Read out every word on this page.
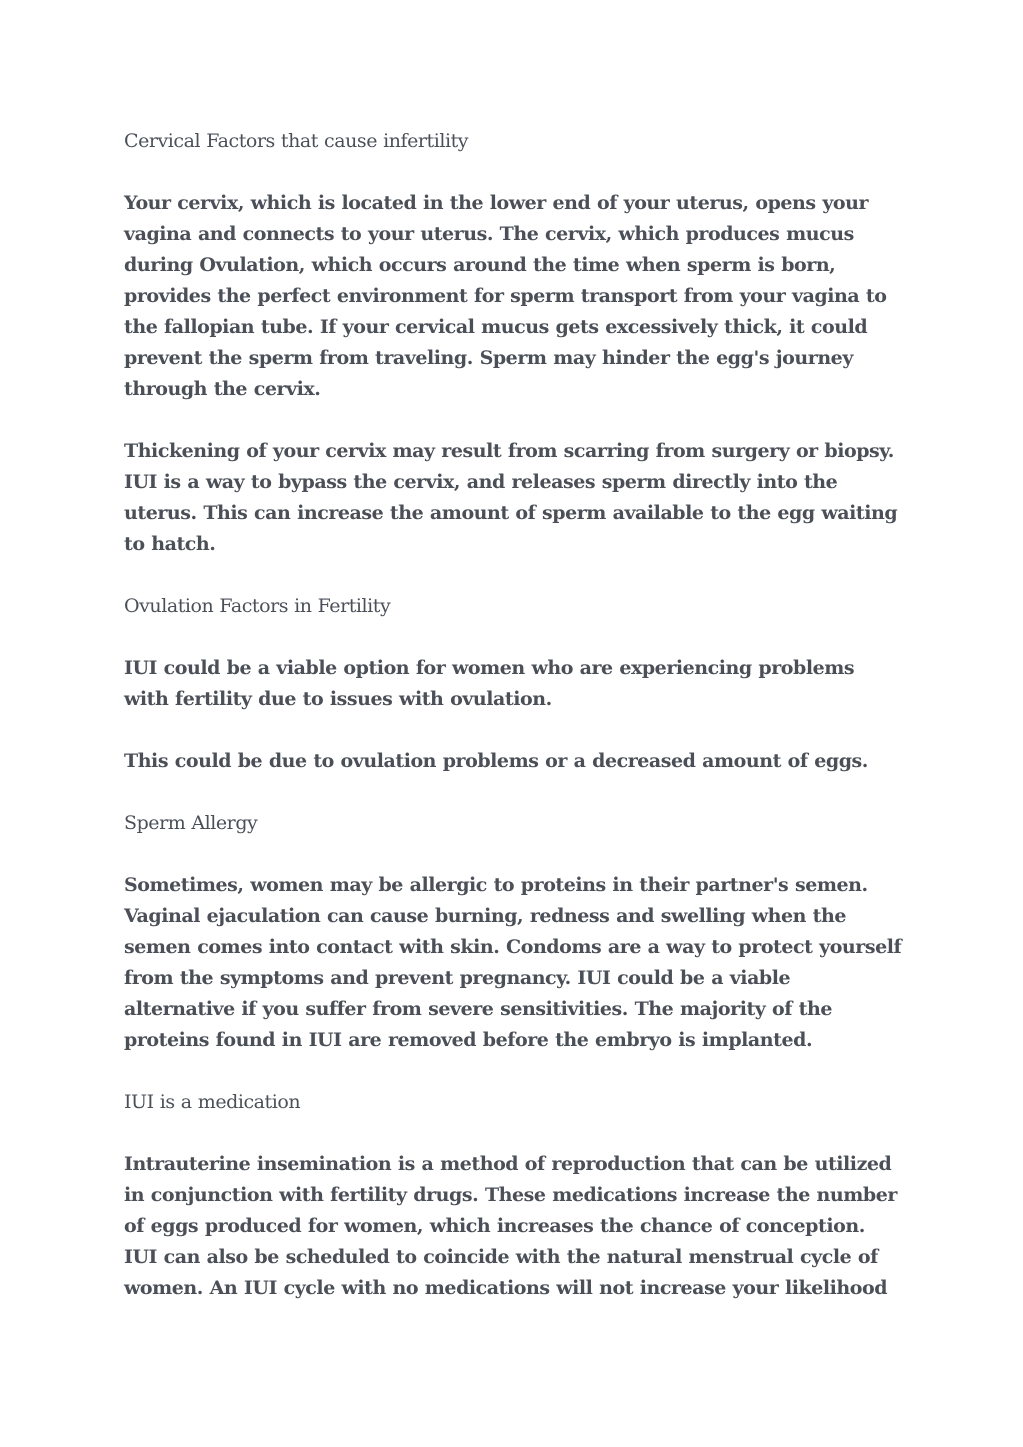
Cervical Factors that cause infertility

Your cervix, which is located in the lower end of your uterus, opens your vagina and connects to your uterus. The cervix, which produces mucus during Ovulation, which occurs around the time when sperm is born, provides the perfect environment for sperm transport from your vagina to the fallopian tube. If your cervical mucus gets excessively thick, it could prevent the sperm from traveling. Sperm may hinder the egg's journey through the cervix.

Thickening of your cervix may result from scarring from surgery or biopsy. IUI is a way to bypass the cervix, and releases sperm directly into the uterus. This can increase the amount of sperm available to the egg waiting to hatch.

Ovulation Factors in Fertility

IUI could be a viable option for women who are experiencing problems with fertility due to issues with ovulation.

This could be due to ovulation problems or a decreased amount of eggs.

Sperm Allergy

Sometimes, women may be allergic to proteins in their partner's semen. Vaginal ejaculation can cause burning, redness and swelling when the semen comes into contact with skin. Condoms are a way to protect yourself from the symptoms and prevent pregnancy. IUI could be a viable alternative if you suffer from severe sensitivities. The majority of the proteins found in IUI are removed before the embryo is implanted.

IUI is a medication

Intrauterine insemination is a method of reproduction that can be utilized in conjunction with fertility drugs. These medications increase the number of eggs produced for women, which increases the chance of conception. IUI can also be scheduled to coincide with the natural menstrual cycle of women. An IUI cycle with no medications will not increase your likelihood
